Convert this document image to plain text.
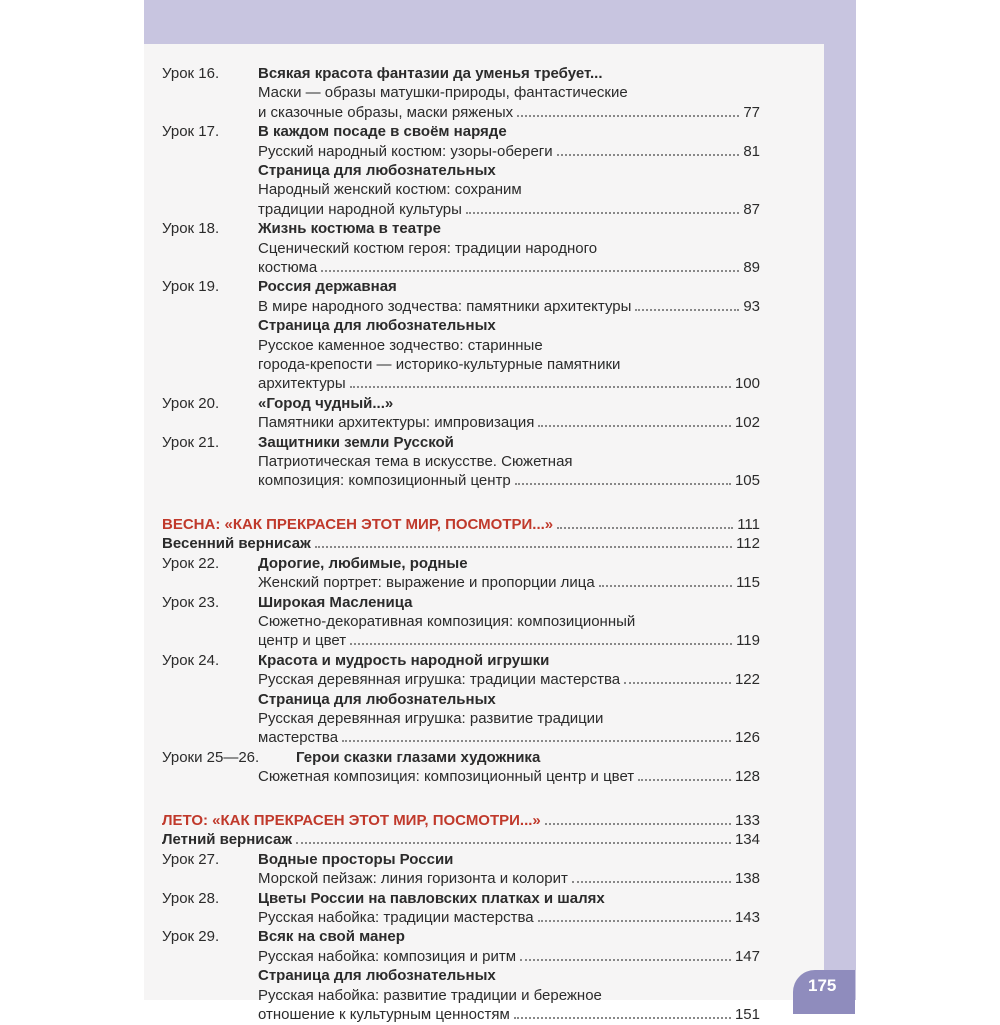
175
Урок 16.	Всякая красота фантазии да уменья требует...
Маски — образы матушки-природы, фантастические
и сказочные образы, маски ряженых	77
Урок 17.	В каждом посаде в своём наряде
Русский народный костюм: узоры-обереги	81
Страница для любознательных
Народный женский костюм: сохраним
традиции народной культуры	87
Урок 18.	Жизнь костюма в театре
Сценический костюм героя: традиции народного
костюма	89
Урок 19.	Россия державная
В мире народного зодчества: памятники архитектуры	93
Страница для любознательных
Русское каменное зодчество: старинные
города-крепости — историко-культурные памятники
архитектуры	100
Урок 20.	«Город чудный...»
Памятники архитектуры: импровизация	102
Урок 21.	Защитники земли Русской
Патриотическая тема в искусстве. Сюжетная
композиция: композиционный центр	105
ВЕСНА: «КАК ПРЕКРАСЕН ЭТОТ МИР, ПОСМОТРИ...»	111
Весенний вернисаж	112
Урок 22.	Дорогие, любимые, родные
Женский портрет: выражение и пропорции лица	115
Урок 23.	Широкая Масленица
Сюжетно-декоративная композиция: композиционный
центр и цвет	119
Урок 24.	Красота и мудрость народной игрушки
Русская деревянная игрушка: традиции мастерства	122
Страница для любознательных
Русская деревянная игрушка: развитие традиции
мастерства	126
Уроки 25—26. Герои сказки глазами художника
Сюжетная композиция: композиционный центр и цвет	128
ЛЕТО: «КАК ПРЕКРАСЕН ЭТОТ МИР, ПОСМОТРИ...»	133
Летний вернисаж	134
Урок 27.	Водные просторы России
Морской пейзаж: линия горизонта и колорит	138
Урок 28.	Цветы России на павловских платках и шалях
Русская набойка: традиции мастерства	143
Урок 29.	Всяк на свой манер
Русская набойка: композиция и ритм	147
Страница для любознательных
Русская набойка: развитие традиции и бережное
отношение к культурным ценностям	151
